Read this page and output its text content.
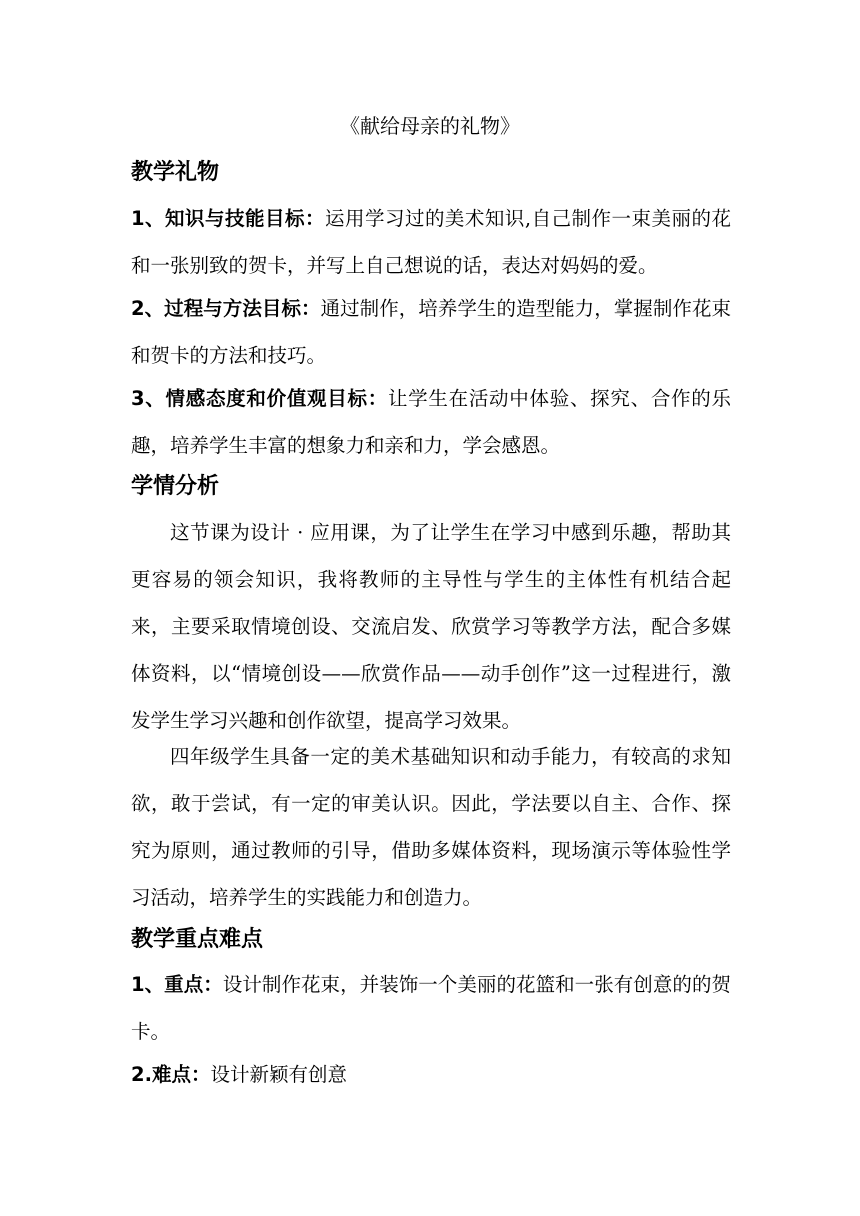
《献给母亲的礼物》
教学礼物

1、知识与技能目标：运用学习过的美术知识,自己制作一束美丽的花和一张别致的贺卡，并写上自己想说的话，表达对妈妈的爱。

2、过程与方法目标：通过制作，培养学生的造型能力，掌握制作花束和贺卡的方法和技巧。

3、情感态度和价值观目标：让学生在活动中体验、探究、合作的乐趣，培养学生丰富的想象力和亲和力，学会感恩。

学情分析

这节课为设计 · 应用课，为了让学生在学习中感到乐趣，帮助其更容易的领会知识，我将教师的主导性与学生的主体性有机结合起来，主要采取情境创设、交流启发、欣赏学习等教学方法，配合多媒体资料，以“情境创设——欣赏作品——动手创作”这一过程进行，激发学生学习兴趣和创作欲望，提高学习效果。

四年级学生具备一定的美术基础知识和动手能力，有较高的求知欲，敢于尝试，有一定的审美认识。因此，学法要以自主、合作、探究为原则，通过教师的引导，借助多媒体资料，现场演示等体验性学习活动，培养学生的实践能力和创造力。

教学重点难点

1、重点：设计制作花束，并装饰一个美丽的花篮和一张有创意的的贺卡。

2.难点：设计新颖有创意
